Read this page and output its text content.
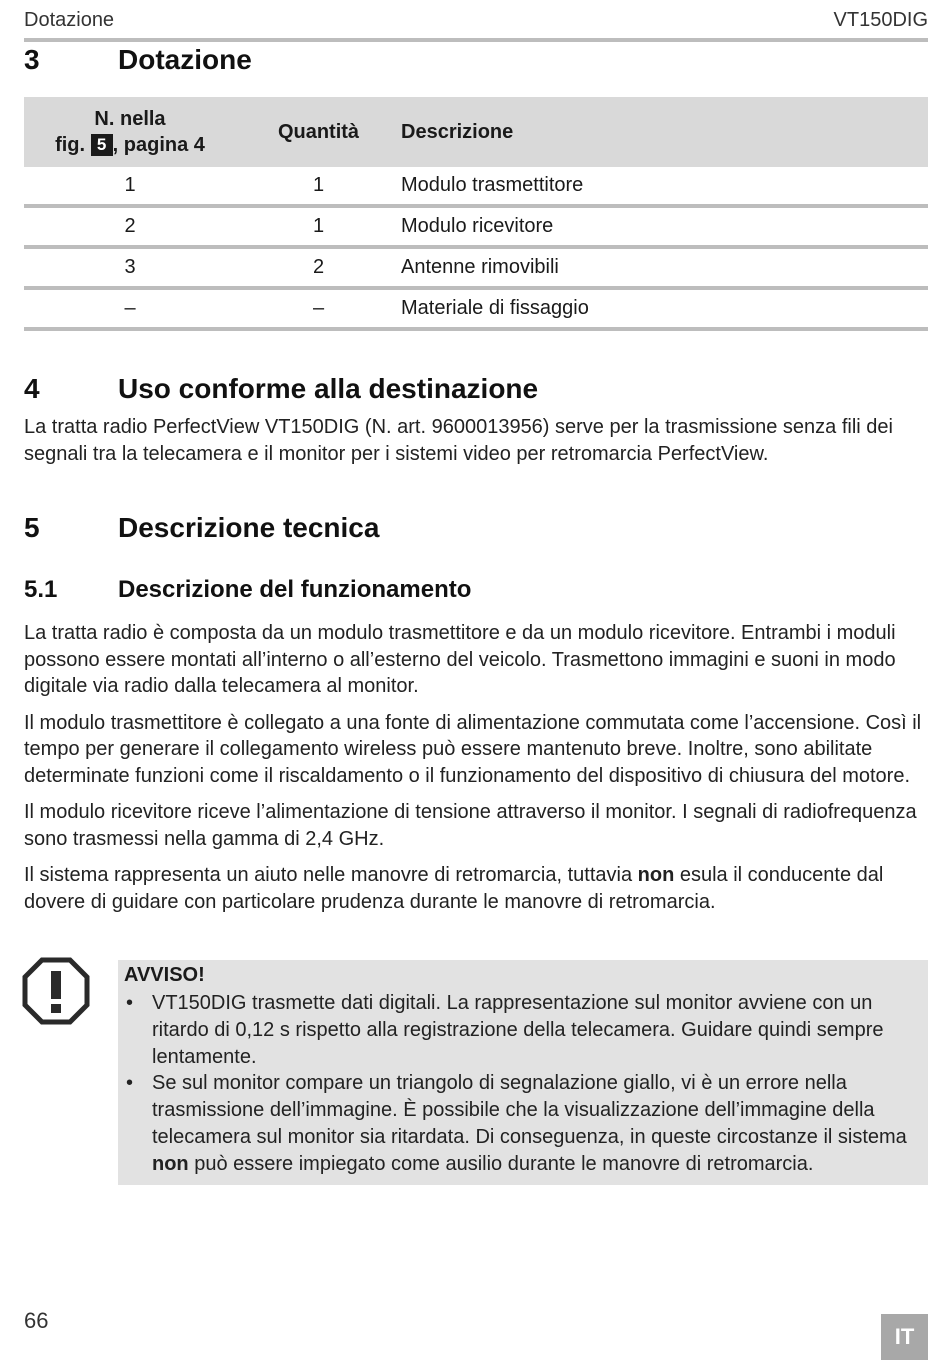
Dotazione	VT150DIG
3	Dotazione
N. nella
fig. 5 , pagina 4	Quantità	Descrizione
1	1	Modulo trasmettitore
2	1	Modulo ricevitore
3	2	Antenne rimovibili
–	–	Materiale di fissaggio
4	Uso conforme alla destinazione

La tratta radio PerfectView VT150DIG (N. art. 9600013956) serve per la trasmissione senza fili dei segnali tra la telecamera e il monitor per i sistemi video per retromarcia PerfectView.

5	Descrizione tecnica
5.1	Descrizione del funzionamento

La tratta radio è composta da un modulo trasmettitore e da un modulo ricevitore. Entrambi i moduli possono essere montati all’interno o all’esterno del veicolo. Trasmettono immagini e suoni in modo digitale via radio dalla telecamera al monitor.

Il modulo trasmettitore è collegato a una fonte di alimentazione commutata come l’accensione. Così il tempo per generare il collegamento wireless può essere mantenuto breve. Inoltre, sono abilitate determinate funzioni come il riscaldamento o il funzionamento del dispositivo di chiusura del motore.

Il modulo ricevitore riceve l’alimentazione di tensione attraverso il monitor. I segnali di radiofrequenza sono trasmessi nella gamma di 2,4 GHz.

Il sistema rappresenta un aiuto nelle manovre di retromarcia, tuttavia non esula il conducente dal dovere di guidare con particolare prudenza durante le manovre di retromarcia.

AVVISO!

• VT150DIG trasmette dati digitali. La rappresentazione sul monitor avviene con un ritardo di 0,12 s rispetto alla registrazione della telecamera. Guidare quindi sempre lentamente.

• Se sul monitor compare un triangolo di segnalazione giallo, vi è un errore nella trasmissione dell’immagine. È possibile che la visualizzazione dell’immagine della telecamera sul monitor sia ritardata. Di conseguenza, in queste circostanze il sistema non può essere impiegato come ausilio durante le manovre di retromarcia.

66
IT
